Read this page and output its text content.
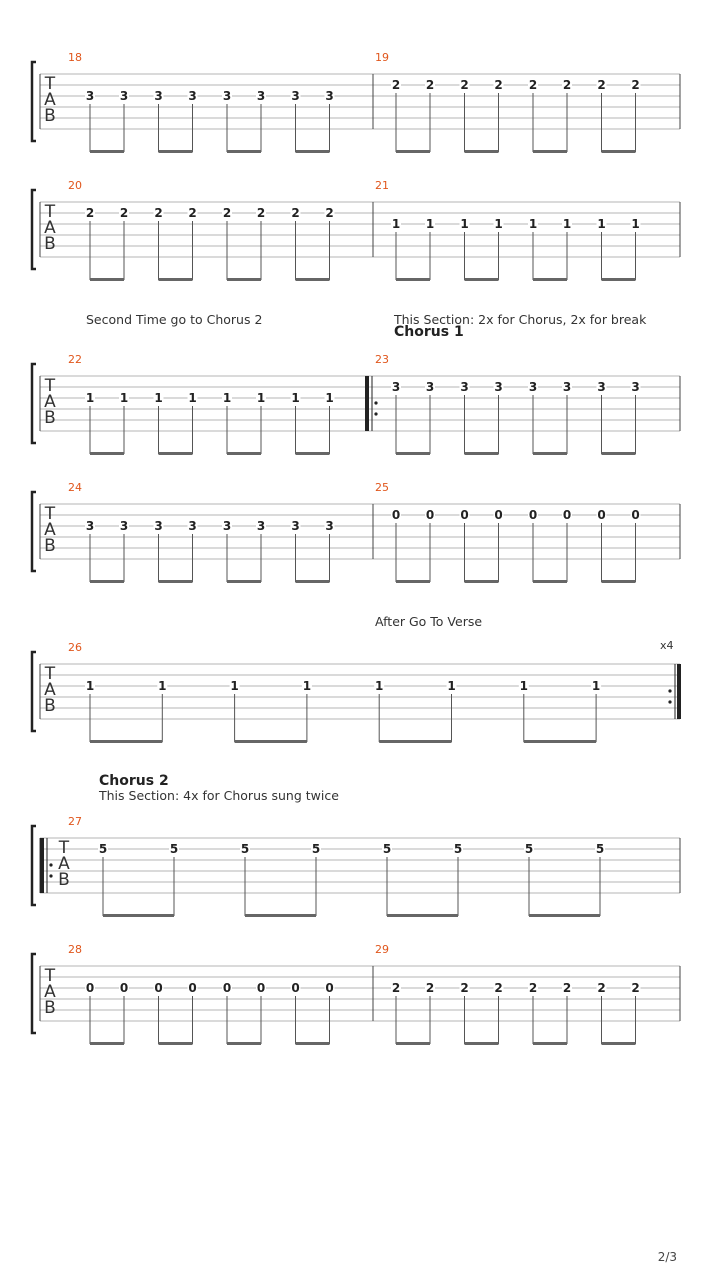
T
A
B
18
3 3 3 3 3 3 3 3
19
2 2 2 2 2 2 2 2
T
A
B
20
2 2 2 2 2 2 2 2
21
1 1 1 1 1 1 1 1
T
A
B
22
1 1 1 1 1 1 1 1
23
3 3 3 3 3 3 3 3
Second Time go to Chorus 2	This Section: 2x for Chorus, 2x for break
Chorus 1
T
A
B
24
3 3 3 3 3 3 3 3
25
0 0 0 0 0 0 0 0
T
A
B
26
1	1	1	1	1	1	1	1
After Go To Verse
x4
T
A
B
27
5	5	5	5	5	5	5	5
Chorus 2
This Section: 4x for Chorus sung twice
T
A
B
28
0 0 0 0 0 0 0 0
29
2 2 2 2 2 2 2 2
2/3
